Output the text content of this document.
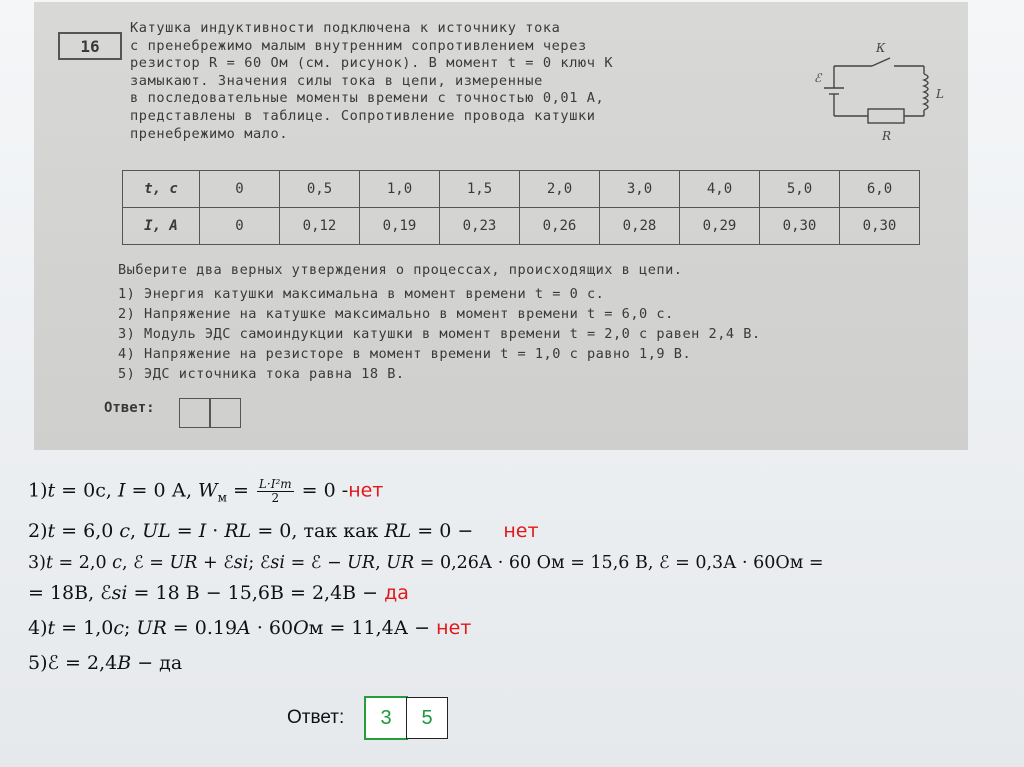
16
Катушка индуктивности подключена к источнику тока
с пренебрежимо малым внутренним сопротивлением через
резистор R = 60 Ом (см. рисунок). В момент t = 0 ключ К
замыкают. Значения силы тока в цепи, измеренные
в последовательные моменты времени с точностью 0,01 А,
представлены в таблице. Сопротивление провода катушки
пренебрежимо мало.
К
ℰ
L
R
t, c	0	0,5	1,0	1,5	2,0	3,0	4,0	5,0	6,0
I, А	0	0,12	0,19	0,23	0,26	0,28	0,29	0,30	0,30
Выберите два верных утверждения о процессах, происходящих в цепи.
1) Энергия катушки максимальна в момент времени t = 0 с.
2) Напряжение на катушке максимально в момент времени t = 6,0 с.
3) Модуль ЭДС самоиндукции катушки в момент времени t = 2,0 с равен 2,4 В.
4) Напряжение на резисторе в момент времени t = 1,0 с равно 1,9 В.
5) ЭДС источника тока равна 18 В.
Ответ:
1)𝑡 = 0с, 𝐼 = 0 А, 𝑊$_м$ = $\frac{\text{L·I²m}}{2} = 0$ -нет
2)𝑡 = 6,0 𝑐, 𝑈𝐿 = 𝐼 · 𝑅𝐿 = 0, так как 𝑅𝐿 = 0 − нет
3)𝑡 = 2,0 𝑐, ℰ = 𝑈𝑅 + ℰ𝑠𝑖; ℰ𝑠𝑖 = ℰ − 𝑈𝑅, 𝑈𝑅 = 0,26А · 60 Ом = 15,6 В, ℰ = 0,3А · 60Ом =
= 18В, ℰ𝑠𝑖 = 18 В − 15,6В = 2,4В − да
4)𝑡 = 1,0𝑐; 𝑈𝑅 = 0.19𝐴 · 60𝑂м = 11,4А − нет
5)ℰ = 2,4𝐵 − да
Ответ:	3	5
